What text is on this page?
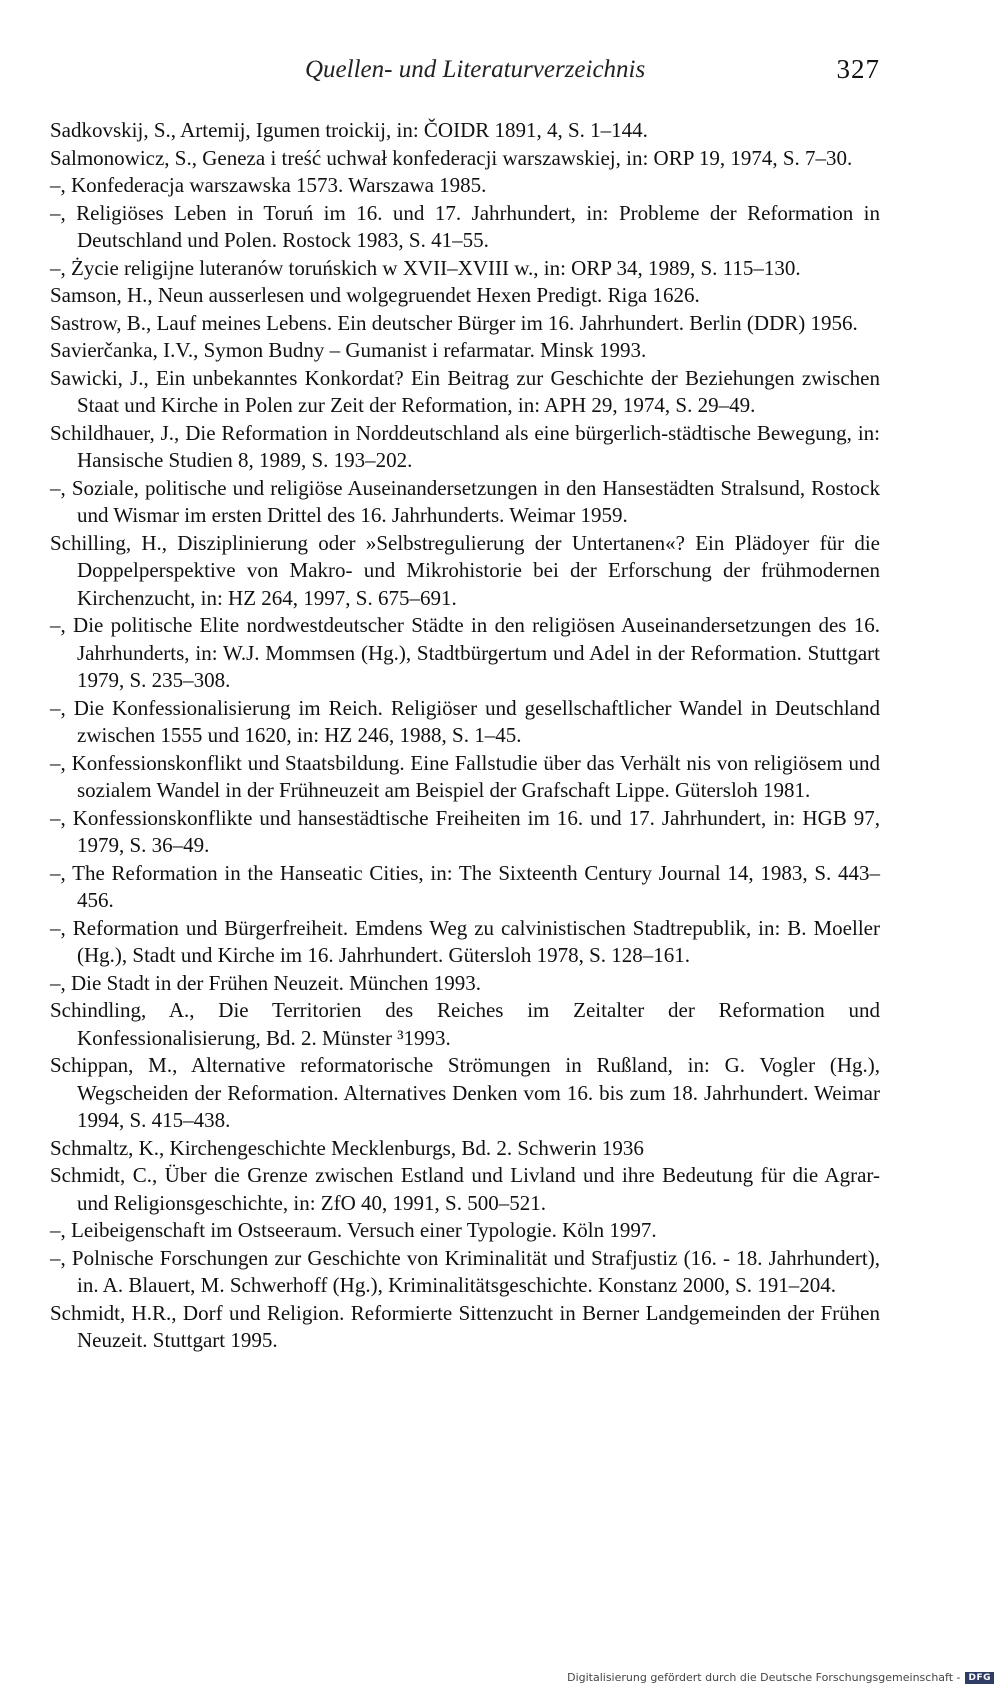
Quellen- und Literaturverzeichnis	327

Sadkovskij, S., Artemij, Igumen troickij, in: ČOIDR 1891, 4, S. 1–144.

Salmonowicz, S., Geneza i treść uchwał konfederacji warszawskiej, in: ORP 19, 1974, S. 7–30.

–, Konfederacja warszawska 1573. Warszawa 1985.

–, Religiöses Leben in Toruń im 16. und 17. Jahrhundert, in: Probleme der Reformation in Deutschland und Polen. Rostock 1983, S. 41–55.

–, Życie religijne luteranów toruńskich w XVII–XVIII w., in: ORP 34, 1989, S. 115–130.

Samson, H., Neun ausserlesen und wolgegruendet Hexen Predigt. Riga 1626.

Sastrow, B., Lauf meines Lebens. Ein deutscher Bürger im 16. Jahrhundert. Berlin (DDR) 1956.

Savierčanka, I.V., Symon Budny – Gumanist i refarmatar. Minsk 1993.

Sawicki, J., Ein unbekanntes Konkordat? Ein Beitrag zur Geschichte der Beziehungen zwischen Staat und Kirche in Polen zur Zeit der Reformation, in: APH 29, 1974, S. 29–49.

Schildhauer, J., Die Reformation in Norddeutschland als eine bürgerlich-städtische Bewegung, in: Hansische Studien 8, 1989, S. 193–202.

–, Soziale, politische und religiöse Auseinandersetzungen in den Hansestädten Stralsund, Rostock und Wismar im ersten Drittel des 16. Jahrhunderts. Weimar 1959.

Schilling, H., Disziplinierung oder »Selbstregulierung der Untertanen«? Ein Plädoyer für die Doppelperspektive von Makro- und Mikrohistorie bei der Erforschung der frühmodernen Kirchenzucht, in: HZ 264, 1997, S. 675–691.

–, Die politische Elite nordwestdeutscher Städte in den religiösen Auseinandersetzungen des 16. Jahrhunderts, in: W.J. Mommsen (Hg.), Stadtbürgertum und Adel in der Reformation. Stuttgart 1979, S. 235–308.

–, Die Konfessionalisierung im Reich. Religiöser und gesellschaftlicher Wandel in Deutschland zwischen 1555 und 1620, in: HZ 246, 1988, S. 1–45.

–, Konfessionskonflikt und Staatsbildung. Eine Fallstudie über das Verhält nis von religiösem und sozialem Wandel in der Frühneuzeit am Beispiel der Grafschaft Lippe. Gütersloh 1981.

–, Konfessionskonflikte und hansestädtische Freiheiten im 16. und 17. Jahrhundert, in: HGB 97, 1979, S. 36–49.

–, The Reformation in the Hanseatic Cities, in: The Sixteenth Century Journal 14, 1983, S. 443–456.

–, Reformation und Bürgerfreiheit. Emdens Weg zu calvinistischen Stadtrepublik, in: B. Moeller (Hg.), Stadt und Kirche im 16. Jahrhundert. Gütersloh 1978, S. 128–161.

–, Die Stadt in der Frühen Neuzeit. München 1993.

Schindling, A., Die Territorien des Reiches im Zeitalter der Reformation und Konfessionalisierung, Bd. 2. Münster ³1993.

Schippan, M., Alternative reformatorische Strömungen in Rußland, in: G. Vogler (Hg.), Wegscheiden der Reformation. Alternatives Denken vom 16. bis zum 18. Jahrhundert. Weimar 1994, S. 415–438.

Schmaltz, K., Kirchengeschichte Mecklenburgs, Bd. 2. Schwerin 1936

Schmidt, C., Über die Grenze zwischen Estland und Livland und ihre Bedeutung für die Agrar- und Religionsgeschichte, in: ZfO 40, 1991, S. 500–521.

–, Leibeigenschaft im Ostseeraum. Versuch einer Typologie. Köln 1997.

–, Polnische Forschungen zur Geschichte von Kriminalität und Strafjustiz (16. - 18. Jahrhundert), in. A. Blauert, M. Schwerhoff (Hg.), Kriminalitätsgeschichte. Konstanz 2000, S. 191–204.

Schmidt, H.R., Dorf und Religion. Reformierte Sittenzucht in Berner Landgemeinden der Frühen Neuzeit. Stuttgart 1995.

Digitalisierung gefördert durch die Deutsche Forschungsgemeinschaft - DFG
